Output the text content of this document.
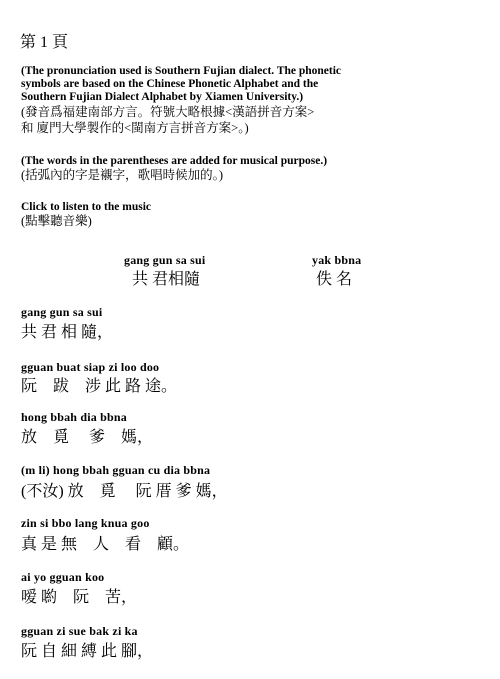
第 1 頁
(The pronunciation used is Southern Fujian dialect. The phonetic
symbols are based on the Chinese Phonetic Alphabet and the
Southern Fujian Dialect Alphabet by Xiamen University.)
(發音爲福建南部方言。符號大略根據<漢語拼音方案>
和 廈門大學製作的<閩南方言拼音方案>。)
(The words in the parentheses are added for musical purpose.)
(括弧內的字是襯字，歌唱時候加的。)
Click to listen to the music
(點擊聽音樂)
gang gun sa sui
共 君相隨
yak bbna
佚 名
gang gun sa sui
共 君 相 隨，
gguan buat siap zi loo doo
阮　跋　涉 此 路 途。
hong bbah dia bbna
放　覓　 爹　媽，
(m li) hong bbah gguan cu dia bbna
(不汝) 放　覓　 阮 厝 爹 媽，
zin si bbo lang knua goo
真 是 無　人　看　顧。
ai yo gguan koo
嗳 喲　阮　苦，
gguan zi sue bak zi ka
阮 自 細 縛 此 腳，
